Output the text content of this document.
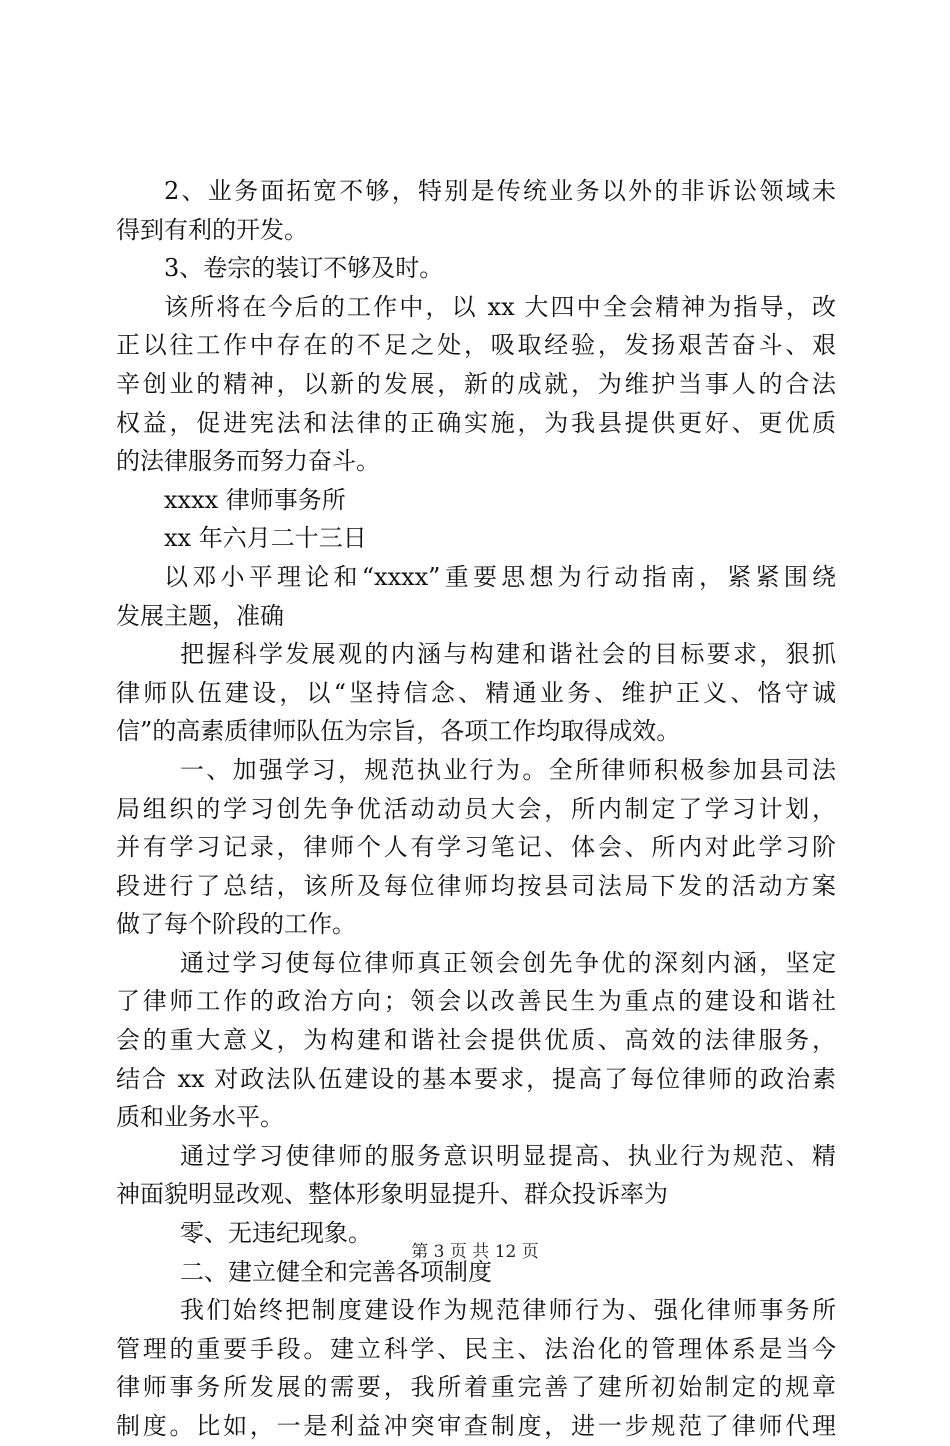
2、业务面拓宽不够，特别是传统业务以外的非诉讼领域未
得到有利的开发。
3、卷宗的装订不够及时。
该所将在今后的工作中，以 xx 大四中全会精神为指导，改
正以往工作中存在的不足之处，吸取经验，发扬艰苦奋斗、艰
辛创业的精神，以新的发展，新的成就，为维护当事人的合法
权益，促进宪法和法律的正确实施，为我县提供更好、更优质
的法律服务而努力奋斗。
xxxx 律师事务所
xx 年六月二十三日
以邓小平理论和“xxxx”重要思想为行动指南，紧紧围绕
发展主题，准确
把握科学发展观的内涵与构建和谐社会的目标要求，狠抓
律师队伍建设，以“坚持信念、精通业务、维护正义、恪守诚
信”的高素质律师队伍为宗旨，各项工作均取得成效。
一、加强学习，规范执业行为。全所律师积极参加县司法
局组织的学习创先争优活动动员大会，所内制定了学习计划，
并有学习记录，律师个人有学习笔记、体会、所内对此学习阶
段进行了总结，该所及每位律师均按县司法局下发的活动方案
做了每个阶段的工作。
通过学习使每位律师真正领会创先争优的深刻内涵，坚定
了律师工作的政治方向；领会以改善民生为重点的建设和谐社
会的重大意义，为构建和谐社会提供优质、高效的法律服务，
结合 xx 对政法队伍建设的基本要求，提高了每位律师的政治素
质和业务水平。
通过学习使律师的服务意识明显提高、执业行为规范、精
神面貌明显改观、整体形象明显提升、群众投诉率为
零、无违纪现象。
二、建立健全和完善各项制度
我们始终把制度建设作为规范律师行为、强化律师事务所
管理的重要手段。建立科学、民主、法治化的管理体系是当今
律师事务所发展的需要，我所着重完善了建所初始制定的规章
制度。比如，一是利益冲突审查制度，进一步规范了律师代理
第 3 页 共 12 页
